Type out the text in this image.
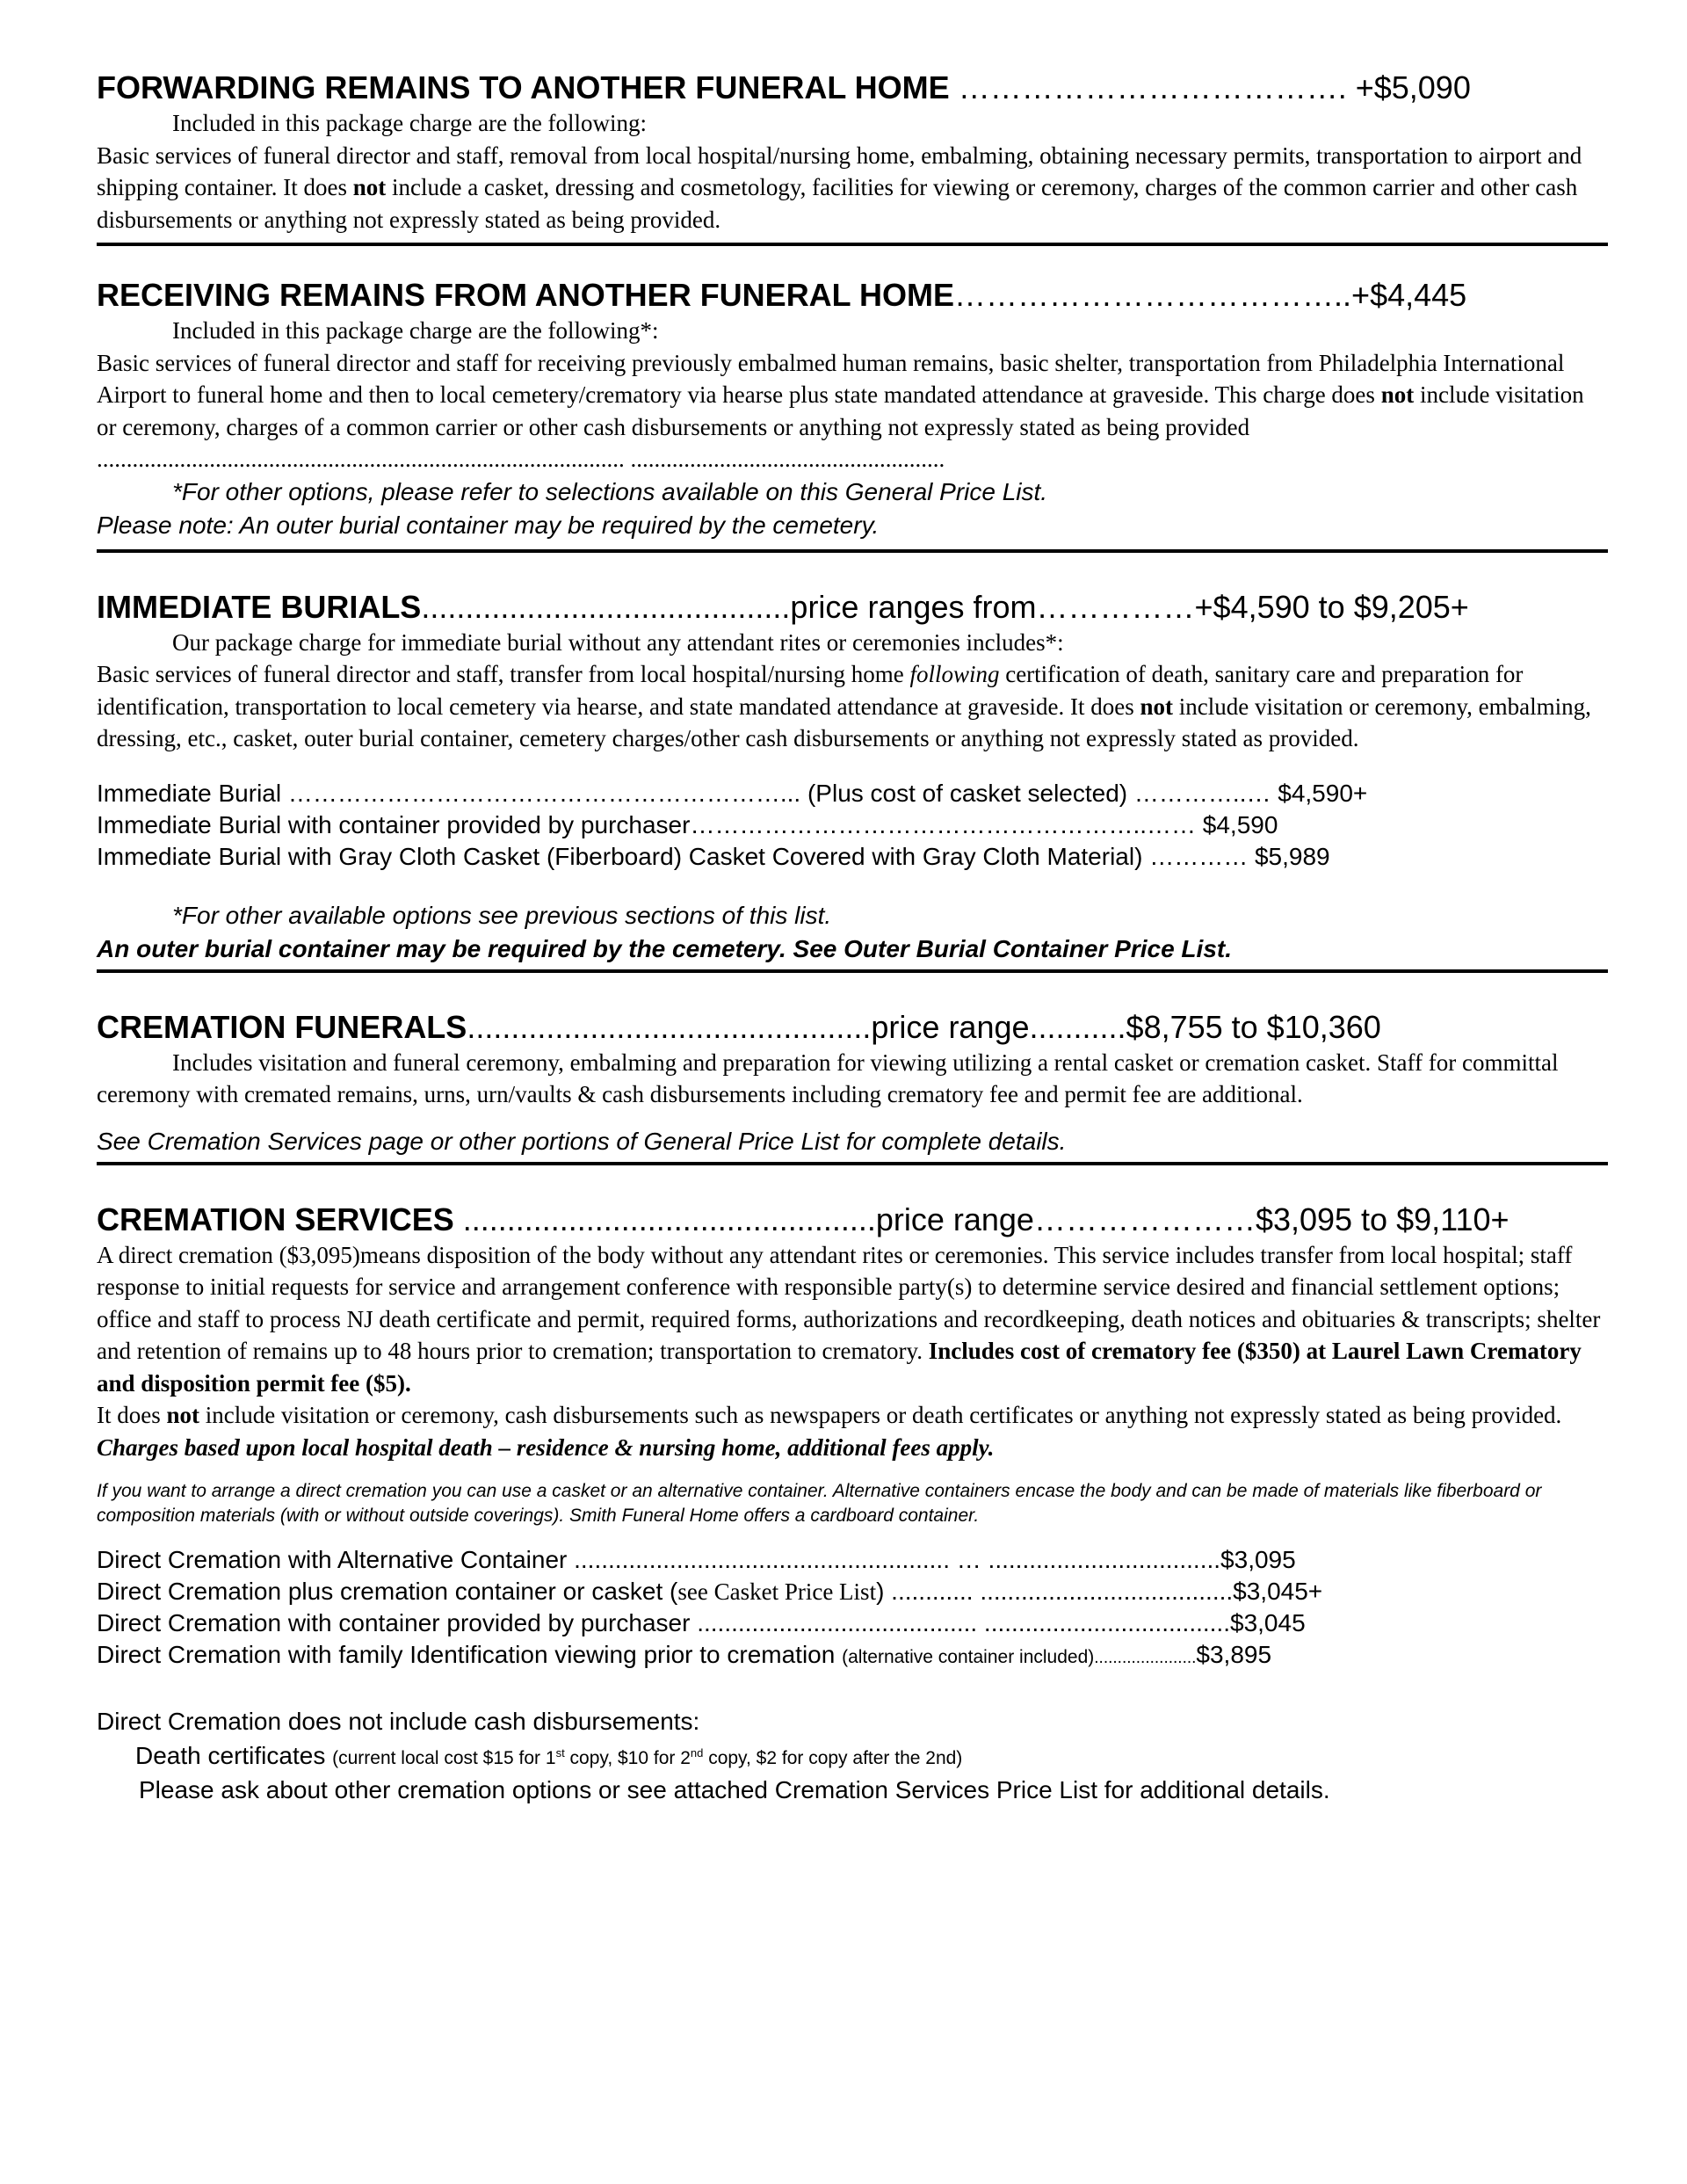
FORWARDING REMAINS TO ANOTHER FUNERAL HOME ………………………………. +$5,090
Included in this package charge are the following:
Basic services of funeral director and staff, removal from local hospital/nursing home, embalming, obtaining necessary permits, transportation to airport and shipping container. It does not include a casket, dressing and cosmetology, facilities for viewing or ceremony, charges of the common carrier and other cash disbursements or anything not expressly stated as being provided.
RECEIVING REMAINS FROM ANOTHER FUNERAL HOME………………………………..+$4,445
Included in this package charge are the following*:
Basic services of funeral director and staff for receiving previously embalmed human remains, basic shelter, transportation from Philadelphia International Airport to funeral home and then to local cemetery/crematory via hearse plus state mandated attendance at graveside. This charge does not include visitation or ceremony, charges of a common carrier or other cash disbursements or anything not expressly stated as being provided ......................................................................................... .....................................................
*For other options, please refer to selections available on this General Price List.
Please note: An outer burial container may be required by the cemetery.
IMMEDIATE BURIALS..........................................price ranges from……………+$4,590 to $9,205+
Our package charge for immediate burial without any attendant rites or ceremonies includes*:
Basic services of funeral director and staff, transfer from local hospital/nursing home following certification of death, sanitary care and preparation for identification, transportation to local cemetery via hearse, and state mandated attendance at graveside. It does not include visitation or ceremony, embalming, dressing, etc., casket, outer burial container, cemetery charges/other cash disbursements or anything not expressly stated as provided.
Immediate Burial ……………………………………………………... (Plus cost of casket selected) …………..… $4,590+
Immediate Burial with container provided by purchaser………………………………………………..…… $4,590
Immediate Burial with Gray Cloth Casket (Fiberboard) Casket Covered with Gray Cloth Material) ………… $5,989
*For other available options see previous sections of this list.
An outer burial container may be required by the cemetery. See Outer Burial Container Price List.
CREMATION FUNERALS..............................................price range...........$8,755 to $10,360
Includes visitation and funeral ceremony, embalming and preparation for viewing utilizing a rental casket or cremation casket. Staff for committal ceremony with cremated remains, urns, urn/vaults & cash disbursements including crematory fee and permit fee are additional.
See Cremation Services page or other portions of General Price List for complete details.
CREMATION SERVICES ...............................................price range…………………$3,095 to $9,110+
A direct cremation ($3,095)means disposition of the body without any attendant rites or ceremonies. This service includes transfer from local hospital; staff response to initial requests for service and arrangement conference with responsible party(s) to determine service desired and financial settlement options; office and staff to process NJ death certificate and permit, required forms, authorizations and recordkeeping, death notices and obituaries & transcripts; shelter and retention of remains up to 48 hours prior to cremation; transportation to crematory. Includes cost of crematory fee ($350) at Laurel Lawn Crematory and disposition permit fee ($5).
It does not include visitation or ceremony, cash disbursements such as newspapers or death certificates or anything not expressly stated as being provided.
Charges based upon local hospital death – residence & nursing home, additional fees apply.
If you want to arrange a direct cremation you can use a casket or an alternative container. Alternative containers encase the body and can be made of materials like fiberboard or composition materials (with or without outside coverings). Smith Funeral Home offers a cardboard container.
Direct Cremation with Alternative Container ....................................................... … ..................................$3,095
Direct Cremation plus cremation container or casket (see Casket Price List) ............ .....................................$3,045+
Direct Cremation with container provided by purchaser ......................................... ....................................$3,045
Direct Cremation with family Identification viewing prior to cremation (alternative container included)......................$3,895
Direct Cremation does not include cash disbursements:
Death certificates (current local cost $15 for 1st copy, $10 for 2nd copy, $2 for copy after the 2nd)
Please ask about other cremation options or see attached Cremation Services Price List for additional details.
